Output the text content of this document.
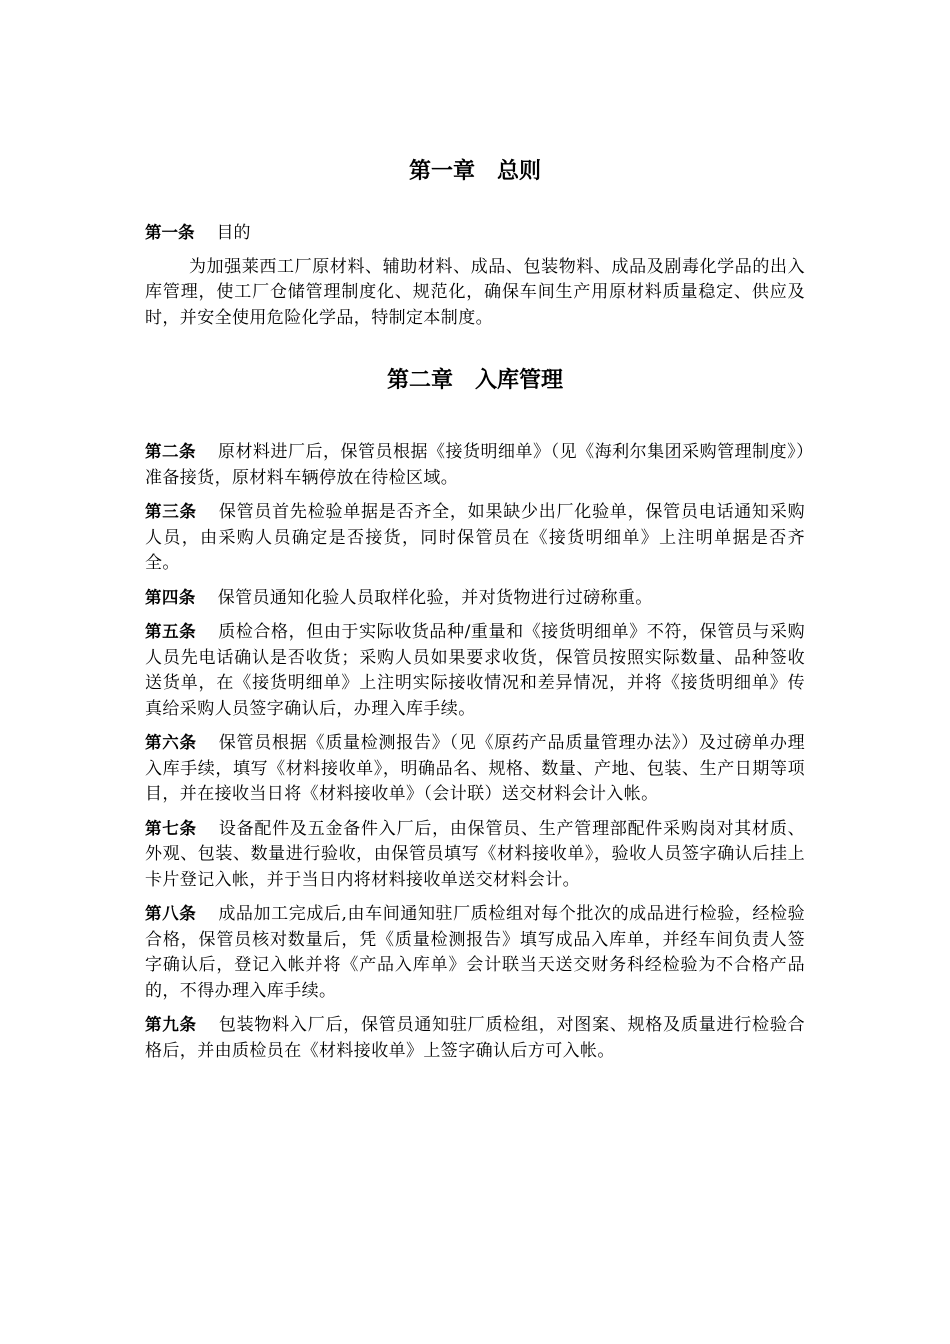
第一章　总则
第一条 目的

为加强莱西工厂原材料、辅助材料、成品、包装物料、成品及剧毒化学品的出入库管理，使工厂仓储管理制度化、规范化，确保车间生产用原材料质量稳定、供应及时，并安全使用危险化学品，特制定本制度。

第二章　入库管理

第二条 原材料进厂后，保管员根据《接货明细单》（见《海利尔集团采购管理制度》）准备接货，原材料车辆停放在待检区域。

第三条 保管员首先检验单据是否齐全，如果缺少出厂化验单，保管员电话通知采购人员，由采购人员确定是否接货，同时保管员在《接货明细单》上注明单据是否齐全。

第四条 保管员通知化验人员取样化验，并对货物进行过磅称重。

第五条 质检合格，但由于实际收货品种/重量和《接货明细单》不符，保管员与采购人员先电话确认是否收货；采购人员如果要求收货，保管员按照实际数量、品种签收送货单，在《接货明细单》上注明实际接收情况和差异情况，并将《接货明细单》传真给采购人员签字确认后，办理入库手续。

第六条 保管员根据《质量检测报告》（见《原药产品质量管理办法》）及过磅单办理入库手续，填写《材料接收单》，明确品名、规格、数量、产地、包装、生产日期等项目，并在接收当日将《材料接收单》（会计联）送交材料会计入帐。

第七条 设备配件及五金备件入厂后，由保管员、生产管理部配件采购岗对其材质、外观、包装、数量进行验收，由保管员填写《材料接收单》，验收人员签字确认后挂上卡片登记入帐，并于当日内将材料接收单送交材料会计。

第八条 成品加工完成后,由车间通知驻厂质检组对每个批次的成品进行检验，经检验合格，保管员核对数量后，凭《质量检测报告》填写成品入库单，并经车间负责人签字确认后，登记入帐并将《产品入库单》会计联当天送交财务科经检验为不合格产品的，不得办理入库手续。

第九条 包装物料入厂后，保管员通知驻厂质检组，对图案、规格及质量进行检验合格后，并由质检员在《材料接收单》上签字确认后方可入帐。
